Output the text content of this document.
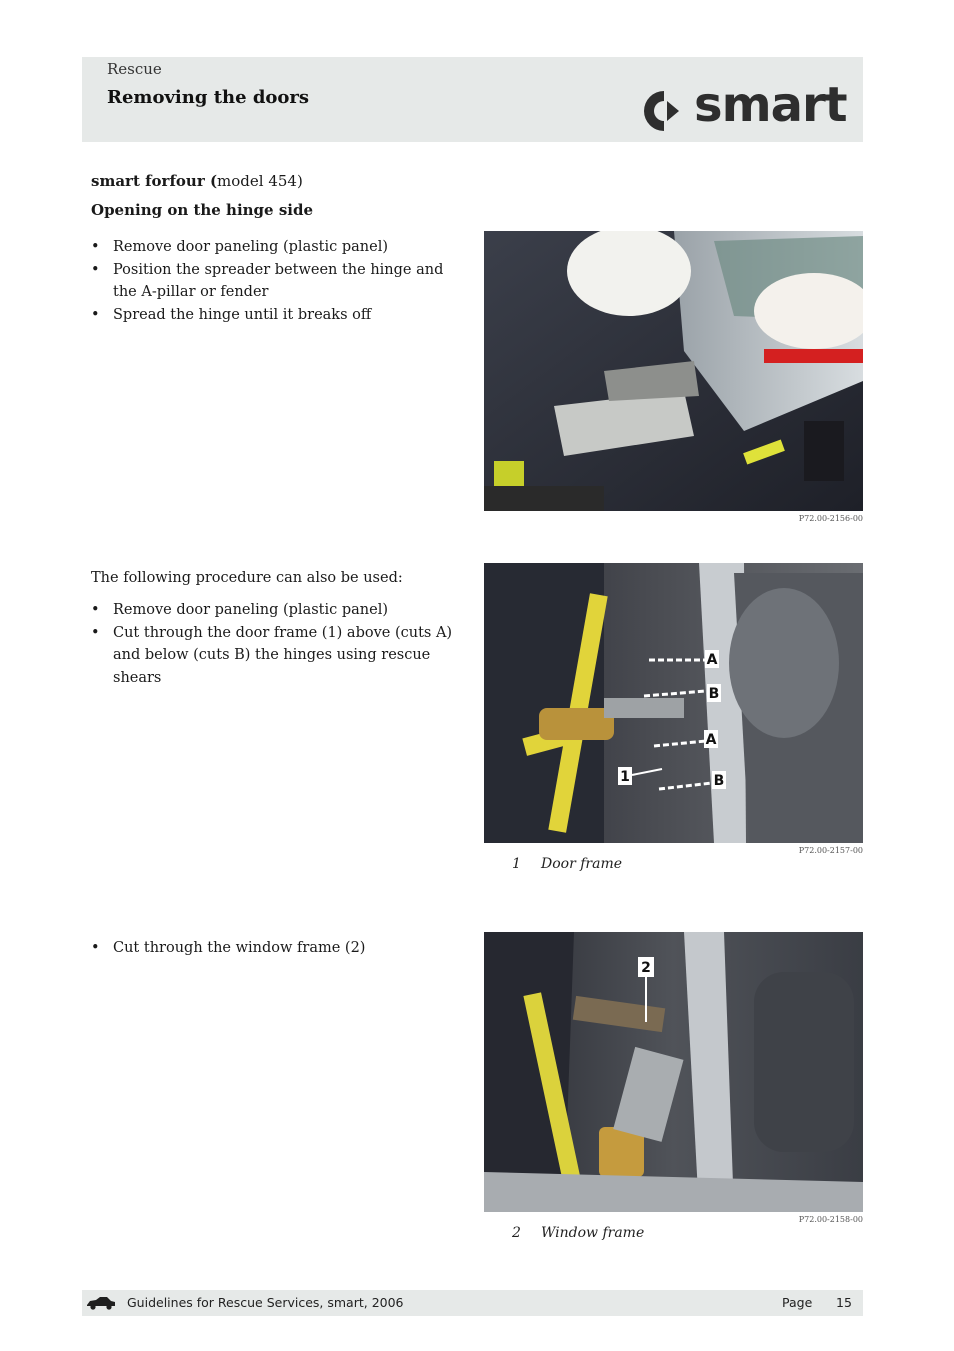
Rescue
Removing the doors	smart
smart forfour (model 454)
Opening on the hinge side
• Remove door paneling (plastic panel)
• Position the spreader between the hinge and the A-pillar or fender
• Spread the hinge until it breaks off
P72.00-2156-00
The following procedure can also be used:
• Remove door paneling (plastic panel)
• Cut through the door frame (1) above (cuts A) and below (cuts B) the hinges using rescue shears
A
B
A
B
1
P72.00-2157-00
1 Door frame
• Cut through the window frame (2)
2
P72.00-2158-00
2 Window frame
Guidelines for Rescue Services, smart, 2006	Page 15
